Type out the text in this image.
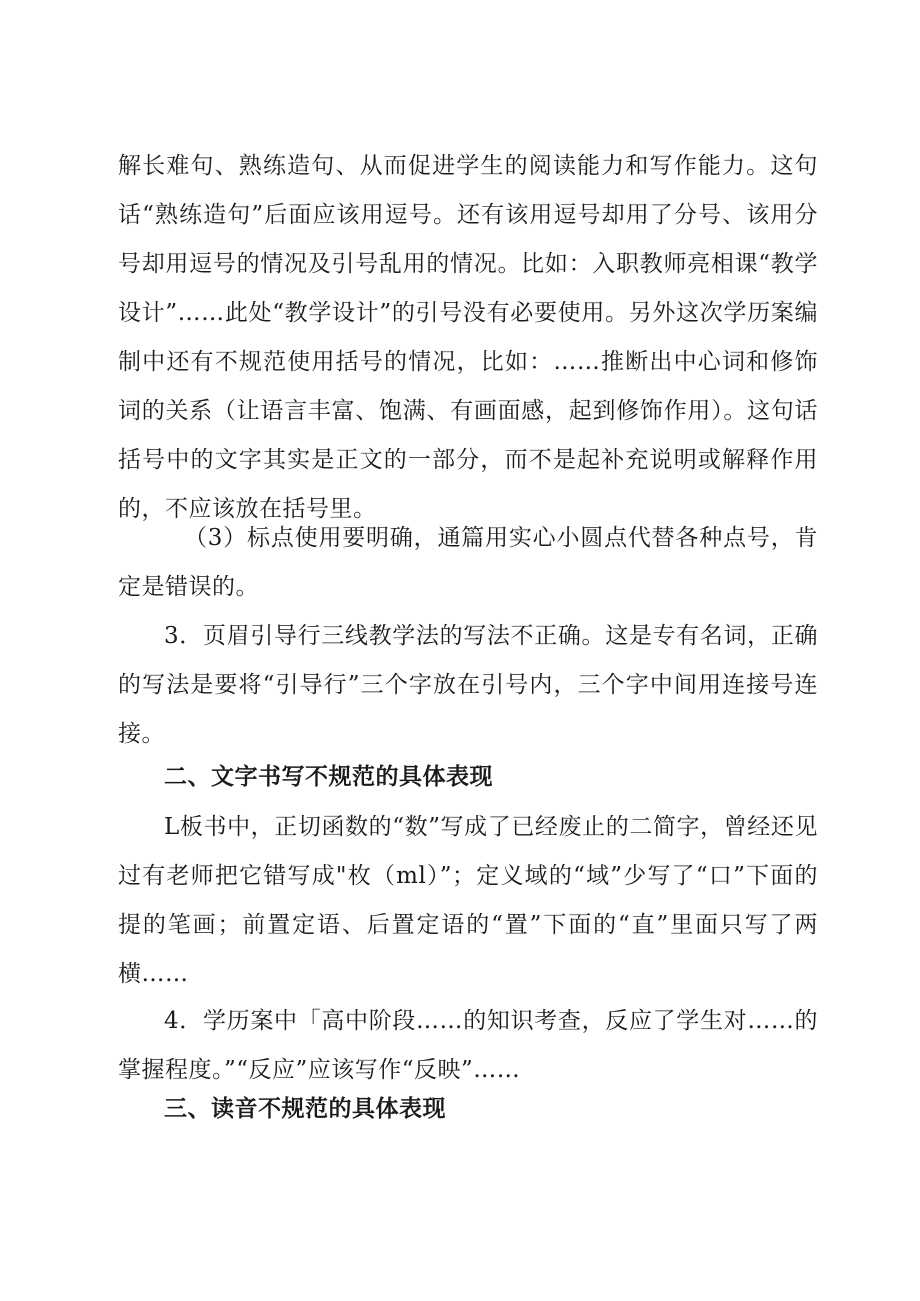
解长难句、熟练造句、从而促进学生的阅读能力和写作能力。这句话“熟练造句”后面应该用逗号。还有该用逗号却用了分号、该用分号却用逗号的情况及引号乱用的情况。比如：入职教师亮相课“教学设计”……此处“教学设计”的引号没有必要使用。另外这次学历案编制中还有不规范使用括号的情况，比如：……推断出中心词和修饰词的关系（让语言丰富、饱满、有画面感，起到修饰作用）。这句话括号中的文字其实是正文的一部分，而不是起补充说明或解释作用的，不应该放在括号里。

（3）标点使用要明确，通篇用实心小圆点代替各种点号，肯定是错误的。

3．页眉引导行三线教学法的写法不正确。这是专有名词，正确的写法是要将“引导行”三个字放在引号内，三个字中间用连接号连接。

二、文字书写不规范的具体表现

L板书中，正切函数的“数”写成了已经废止的二简字，曾经还见过有老师把它错写成"枚（ml）”；定义域的“域”少写了“口”下面的提的笔画；前置定语、后置定语的“置”下面的“直”里面只写了两横……

4．学历案中「高中阶段……的知识考查，反应了学生对……的掌握程度。”“反应”应该写作“反映”……

三、读音不规范的具体表现
